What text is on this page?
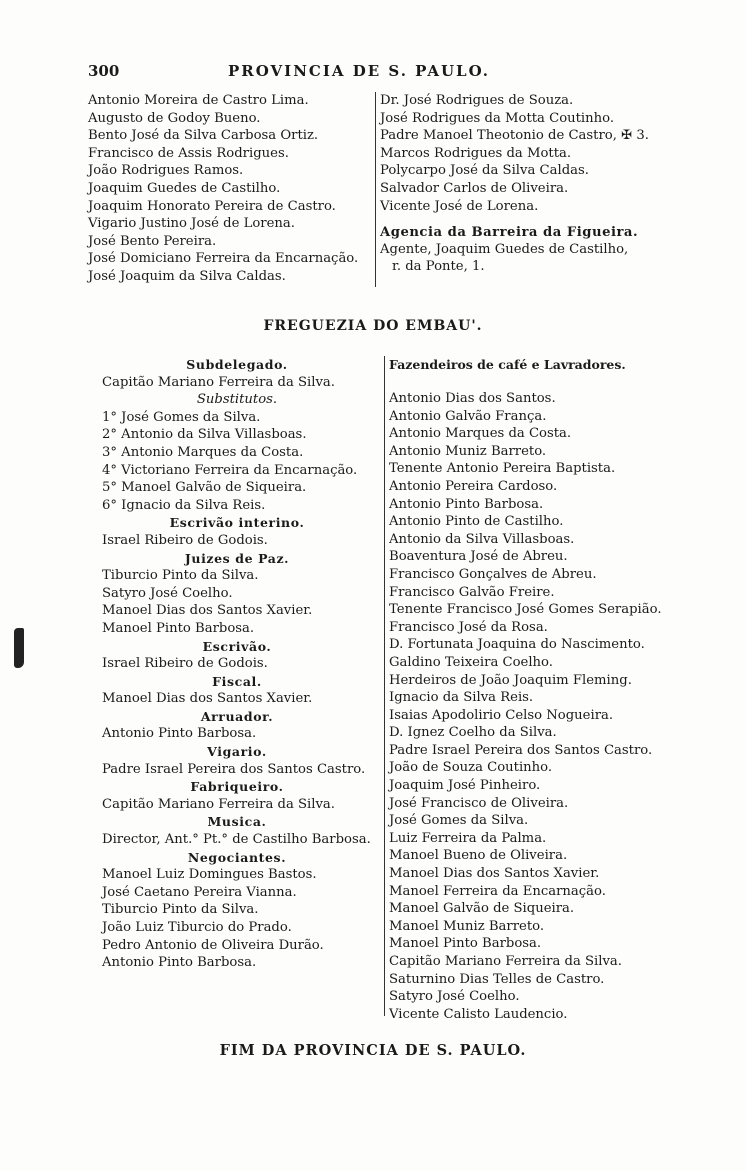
300	PROVINCIA DE S. PAULO.
Antonio Moreira de Castro Lima.
Augusto de Godoy Bueno.
Bento José da Silva Carbosa Ortiz.
Francisco de Assis Rodrigues.
João Rodrigues Ramos.
Joaquim Guedes de Castilho.
Joaquim Honorato Pereira de Castro.
Vigario Justino José de Lorena.
José Bento Pereira.
José Domiciano Ferreira da Encarnação.
José Joaquim da Silva Caldas.
Dr. José Rodrigues de Souza.
José Rodrigues da Motta Coutinho.
Padre Manoel Theotonio de Castro, ✠ 3.
Marcos Rodrigues da Motta.
Polycarpo José da Silva Caldas.
Salvador Carlos de Oliveira.
Vicente José de Lorena.
Agencia da Barreira da Figueira.
Agente, Joaquim Guedes de Castilho,
r. da Ponte, 1.
FREGUEZIA DO EMBAU'.
Subdelegado.
Capitão Mariano Ferreira da Silva.
Substitutos.
1° José Gomes da Silva.
2° Antonio da Silva Villasboas.
3° Antonio Marques da Costa.
4° Victoriano Ferreira da Encarnação.
5° Manoel Galvão de Siqueira.
6° Ignacio da Silva Reis.
Escrivão interino.
Israel Ribeiro de Godois.
Juizes de Paz.
Tiburcio Pinto da Silva.
Satyro José Coelho.
Manoel Dias dos Santos Xavier.
Manoel Pinto Barbosa.
Escrivão.
Israel Ribeiro de Godois.
Fiscal.
Manoel Dias dos Santos Xavier.
Arruador.
Antonio Pinto Barbosa.
Vigario.
Padre Israel Pereira dos Santos Castro.
Fabriqueiro.
Capitão Mariano Ferreira da Silva.
Musica.
Director, Ant.° Pt.° de Castilho Barbosa.
Negociantes.
Manoel Luiz Domingues Bastos.
José Caetano Pereira Vianna.
Tiburcio Pinto da Silva.
João Luiz Tiburcio do Prado.
Pedro Antonio de Oliveira Durão.
Antonio Pinto Barbosa.
Fazendeiros de café e Lavradores.
Antonio Dias dos Santos.
Antonio Galvão França.
Antonio Marques da Costa.
Antonio Muniz Barreto.
Tenente Antonio Pereira Baptista.
Antonio Pereira Cardoso.
Antonio Pinto Barbosa.
Antonio Pinto de Castilho.
Antonio da Silva Villasboas.
Boaventura José de Abreu.
Francisco Gonçalves de Abreu.
Francisco Galvão Freire.
Tenente Francisco José Gomes Serapião.
Francisco José da Rosa.
D. Fortunata Joaquina do Nascimento.
Galdino Teixeira Coelho.
Herdeiros de João Joaquim Fleming.
Ignacio da Silva Reis.
Isaias Apodolirio Celso Nogueira.
D. Ignez Coelho da Silva.
Padre Israel Pereira dos Santos Castro.
João de Souza Coutinho.
Joaquim José Pinheiro.
José Francisco de Oliveira.
José Gomes da Silva.
Luiz Ferreira da Palma.
Manoel Bueno de Oliveira.
Manoel Dias dos Santos Xavier.
Manoel Ferreira da Encarnação.
Manoel Galvão de Siqueira.
Manoel Muniz Barreto.
Manoel Pinto Barbosa.
Capitão Mariano Ferreira da Silva.
Saturnino Dias Telles de Castro.
Satyro José Coelho.
Vicente Calisto Laudencio.
FIM DA PROVINCIA DE S. PAULO.
